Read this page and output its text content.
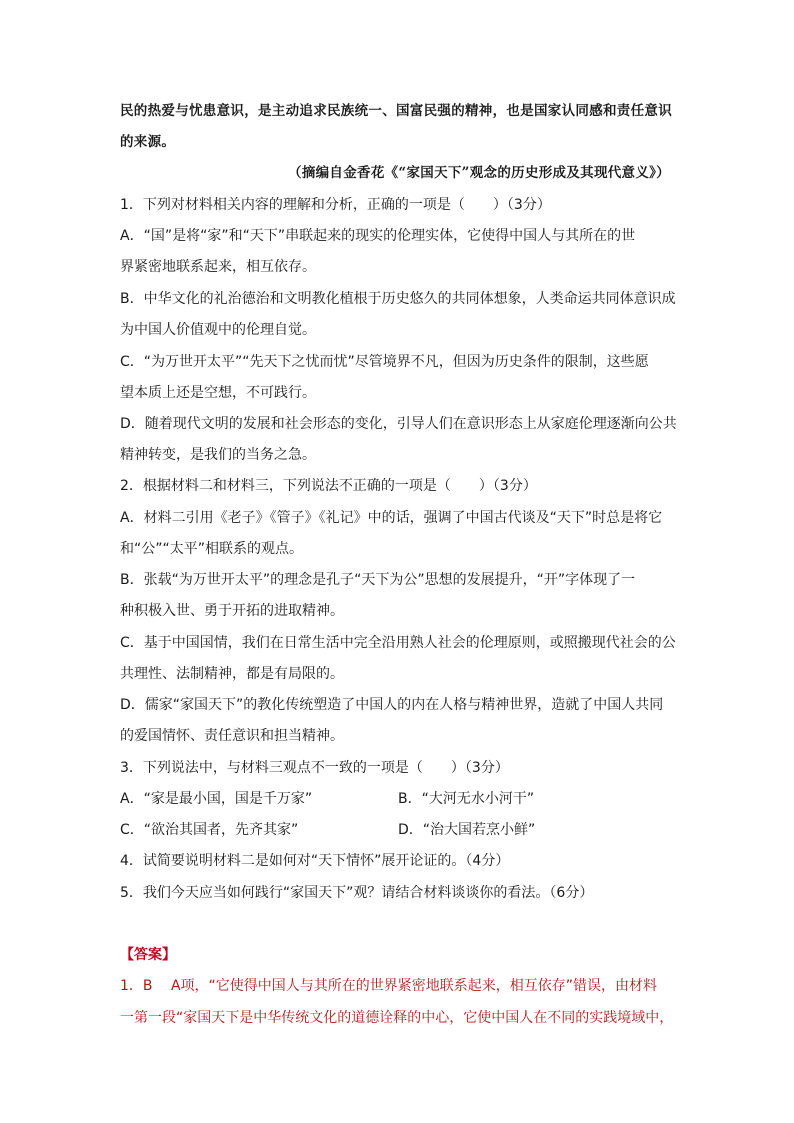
民的热爱与忧患意识，是主动追求民族统一、国富民强的精神，也是国家认同感和责任意识
的来源。
（摘编自金香花《“家国天下”观念的历史形成及其现代意义》）
1．下列对材料相关内容的理解和分析，正确的一项是（　　）（3分）
A．“国”是将“家”和“天下”串联起来的现实的伦理实体，它使得中国人与其所在的世
界紧密地联系起来，相互依存。
B．中华文化的礼治德治和文明教化植根于历史悠久的共同体想象，人类命运共同体意识成
为中国人价值观中的伦理自觉。
C．“为万世开太平”“先天下之忧而忧”尽管境界不凡，但因为历史条件的限制，这些愿
望本质上还是空想，不可践行。
D．随着现代文明的发展和社会形态的变化，引导人们在意识形态上从家庭伦理逐渐向公共
精神转变，是我们的当务之急。
2．根据材料二和材料三，下列说法不正确的一项是（　　）（3分）
A．材料二引用《老子》《管子》《礼记》中的话，强调了中国古代谈及“天下”时总是将它
和“公”“太平”相联系的观点。
B．张载“为万世开太平”的理念是孔子“天下为公”思想的发展提升，“开”字体现了一
种积极入世、勇于开拓的进取精神。
C．基于中国国情，我们在日常生活中完全沿用熟人社会的伦理原则，或照搬现代社会的公
共理性、法制精神，都是有局限的。
D．儒家“家国天下”的教化传统塑造了中国人的内在人格与精神世界，造就了中国人共同
的爱国情怀、责任意识和担当精神。
3．下列说法中，与材料三观点不一致的一项是（　　）（3分）
A．“家是最小国，国是千万家”	B．“大河无水小河干”
C．“欲治其国者，先齐其家”	D．“治大国若烹小鲜”
4．试简要说明材料二是如何对“天下情怀”展开论证的。（4分）
5．我们今天应当如何践行“家国天下”观？请结合材料谈谈你的看法。（6分）
【答案】
1．B　 A项，“它使得中国人与其所在的世界紧密地联系起来，相互依存”错误，由材料
一第一段“家国天下是中华传统文化的道德诠释的中心，它使中国人在不同的实践境域中，
